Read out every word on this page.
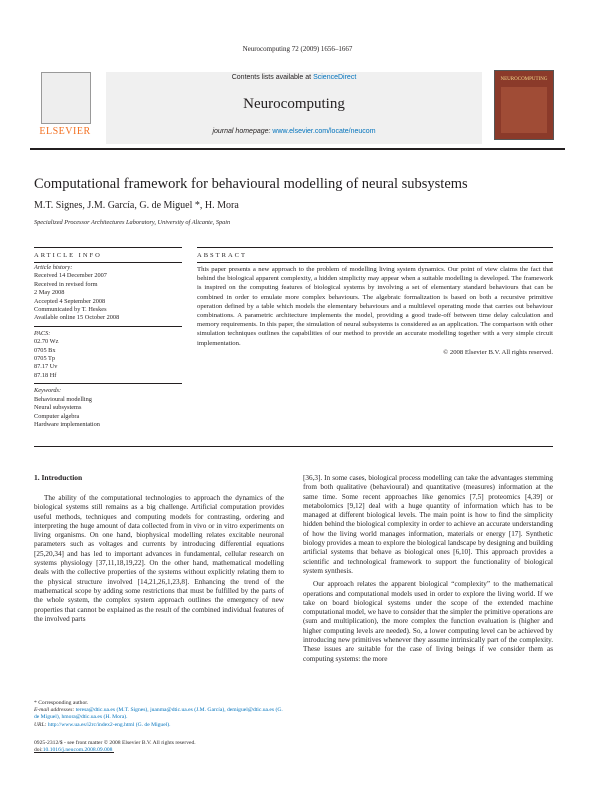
Neurocomputing 72 (2009) 1656–1667
ELSEVIER
Contents lists available at ScienceDirect
Neurocomputing
journal homepage: www.elsevier.com/locate/neucom
NEUROCOMPUTING
Computational framework for behavioural modelling of neural subsystems
M.T. Signes, J.M. García, G. de Miguel *, H. Mora
Specialized Processor Architectures Laboratory, University of Alicante, Spain
ARTICLE INFO	ABSTRACT
Article history:
Received 14 December 2007
Received in revised form
2 May 2008
Accepted 4 September 2008
Communicated by T. Heskes
Available online 15 October 2008
PACS:
02.70 Wz
0705 Bx
0705 Tp
87.17 Uv
87.18 Hf
Keywords:
Behavioural modelling
Neural subsystems
Computer algebra
Hardware implementation
This paper presents a new approach to the problem of modelling living system dynamics. Our point of view claims the fact that behind the biological apparent complexity, a hidden simplicity may appear when a suitable modelling is developed. The framework is inspired on the computing features of biological systems by involving a set of elementary standard behaviours that can be combined in order to emulate more complex behaviours. The algebraic formalization is based on both a recursive primitive operation defined by a table which models the elementary behaviours and a multilevel operating mode that carries out behaviour combinations. A parametric architecture implements the model, providing a good trade-off between time delay calculation and memory requirements. In this paper, the simulation of neural subsystems is considered as an application. The comparison with other simulation techniques outlines the capabilities of our method to provide an accurate modelling together with a very simple circuit implementation.
© 2008 Elsevier B.V. All rights reserved.
1. Introduction

The ability of the computational technologies to approach the dynamics of the biological systems still remains as a big challenge. Artificial computation provides useful methods, techniques and computing models for contrasting, ordering and interpreting the huge amount of data collected from in vivo or in vitro experiments on living organisms. On one hand, biophysical modelling relates excitable neuronal parameters such as voltages and currents by introducing differential equations [25,20,34] and has led to important advances in fundamental, cellular research on systems physiology [37,11,18,19,22]. On the other hand, mathematical modelling deals with the collective properties of the systems without explicitly relating them to the physical structure involved [14,21,26,1,23,8]. Enhancing the trend of the mathematical scope by adding some restrictions that must be fulfilled by the parts of the whole system, the complex system approach outlines the emergency of new properties that cannot be explained as the result of the combined individual features of the involved parts

[36,3]. In some cases, biological process modelling can take the advantages stemming from both qualitative (behavioural) and quantitative (measures) information at the same time. Some recent approaches like genomics [7,5] proteomics [4,39] or metabolomics [9,12] deal with a huge quantity of information which has to be managed at different biological levels. The main point is how to find the simplicity hidden behind the biological complexity in order to achieve an accurate understanding of how the living world manages information, materials or energy [17]. Synthetic biology provides a mean to explore the biological landscape by designing and building artificial systems that behave as biological ones [6,10]. This approach provides a scientific and technological framework to support the functionality of biological system synthesis.

Our approach relates the apparent biological “complexity” to the mathematical operations and computational models used in order to explore the living world. If we take on board biological systems under the scope of the extended machine computational model, we have to consider that the simpler the primitive operations are (sum and multiplication), the more complex the function evaluation is (higher and higher computing levels are needed). So, a lower computing level can be achieved by introducing new primitives whenever they assume intrinsically part of the complexity. These issues are suitable for the case of living beings if we consider them as computing systems: the more

* Corresponding author.
E-mail addresses: teresa@dtic.ua.es (M.T. Signes), juanma@dtic.ua.es (J.M. García), demiguel@dtic.ua.es (G. de Miguel), hmora@dtic.ua.es (H. Mora).
URL: http://www.ua.es/i2rc/index2-eng.html (G. de Miguel).
0925-2312/$ - see front matter © 2008 Elsevier B.V. All rights reserved.
doi:10.1016/j.neucom.2008.09.008
